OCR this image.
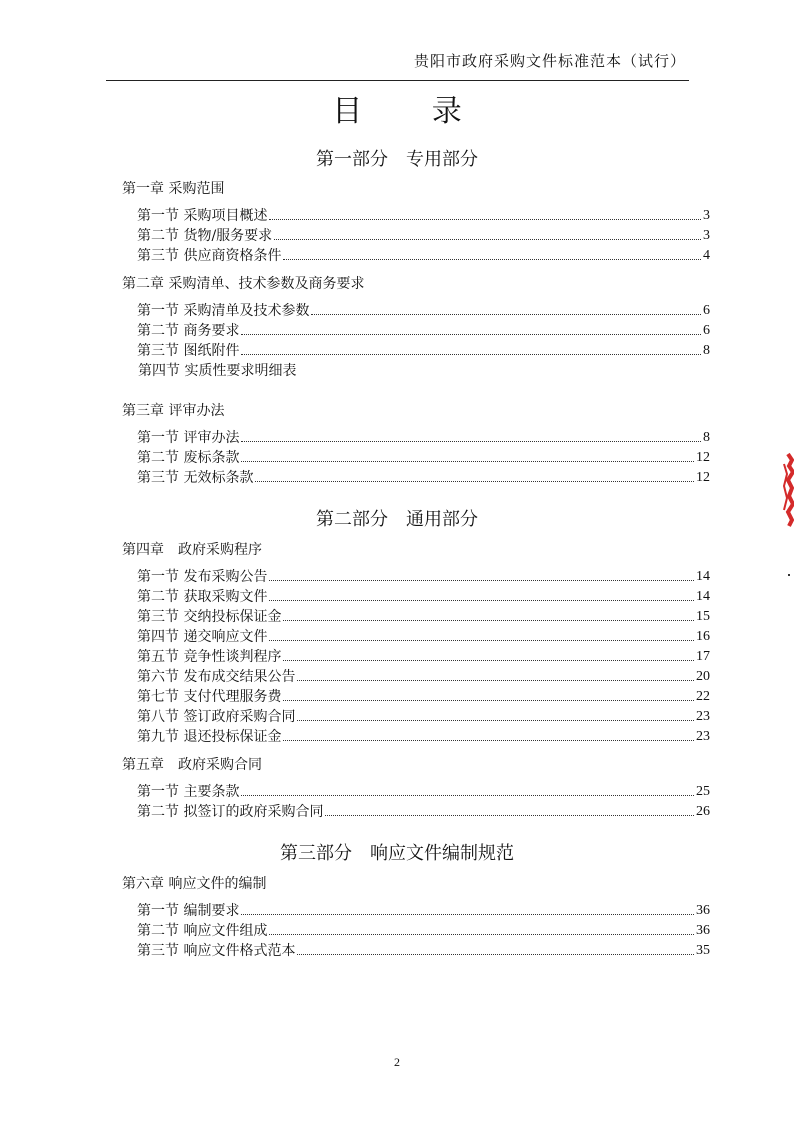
贵阳市政府采购文件标准范本（试行）
目 录
第一部分　专用部分
第一章 采购范围
第一节 采购项目概述	3
第二节 货物/服务要求	3
第三节 供应商资格条件	4
第二章 采购清单、技术参数及商务要求
第一节 采购清单及技术参数	6
第二节 商务要求	6
第三节 图纸附件	8
第四节 实质性要求明细表
第三章 评审办法
第一节 评审办法	8
第二节 废标条款	12
第三节 无效标条款	12
第二部分　通用部分
第四章　政府采购程序
第一节 发布采购公告	14
第二节 获取采购文件	14
第三节 交纳投标保证金	15
第四节 递交响应文件	16
第五节 竞争性谈判程序	17
第六节 发布成交结果公告	20
第七节 支付代理服务费	22
第八节 签订政府采购合同	23
第九节 退还投标保证金	23
第五章　政府采购合同
第一节 主要条款	25
第二节 拟签订的政府采购合同	26
第三部分　响应文件编制规范
第六章 响应文件的编制
第一节 编制要求	36
第二节 响应文件组成	36
第三节 响应文件格式范本	35
2
